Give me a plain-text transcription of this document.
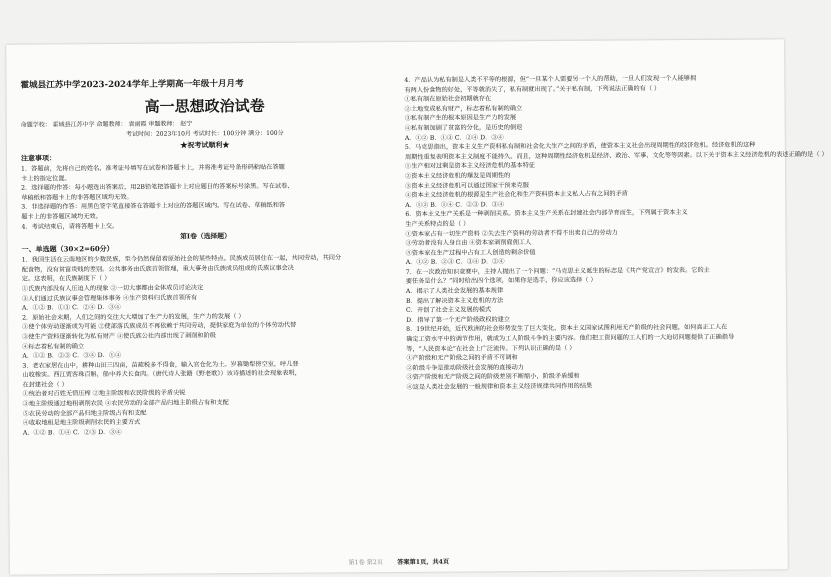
霍城县江苏中学2023-2024学年上学期高一年级十月月考
高一思想政治试卷
命题学校： 霍城县江苏中学 命题教师： 袁丽霞 审题教师： 赵宁
考试时间：2023年10月 考试时长：100分钟 满分：100分
★祝考试顺利★
注意事项：
1．答题前，先将自己的姓名、准考证号填写在试卷和答题卡上，并将准考证号条形码粘贴在答题
卡上的指定位置。
2．选择题的作答：每小题选出答案后，用2B铅笔把答题卡上对应题目的答案标号涂黑。写在试卷、
草稿纸和答题卡上的非答题区域均无效。
3．非选择题的作答：用黑色签字笔直接答在答题卡上对应的答题区域内。写在试卷、草稿纸和答
题卡上的非答题区域均无效。
4．考试结束后，请将答题卡上交。
第Ⅰ卷（选择题）
一、单选题（30×2=60分）
1．我国生活在云南地区的少数民族，至今仍然保留着原始社会的某些特点。民族成员居住在一起，共同劳动，共同分
配食物，没有贫富贵贱的差别。公共事务由氏族首领管理，重大事务由氏族成员组成的氏族议事会决
定。这表明，在氏族制度下（ ）
①氏族内部没有人压迫人的现象 ②一切大事都由全体成员讨论决定
③人们通过氏族议事会管理集体事务 ④生产资料归氏族首领所有
A．①② B．①③ C．②④ D．③④
2．原始社会末期，人们之间的交往大大增加了生产力的发展，生产力的发展（ ）
①使个体劳动逐渐成为可能 ②使部落氏族成员不再依赖于共同劳动，提供家庭为单位的个体劳动代替
③使生产资料逐渐转化为私有财产 ④使氏族公社内部出现了剥削和阶级
④标志着私有制的确立
A．①② B．②③ C．③④ D．①④
3．老农家居在山中，耕种山田三四亩，苗疏税多不得食，输入官仓化为土。岁暮锄犁傍空室，呼儿登
山收橡实。西江贾客珠百斛，船中养犬长食肉。（唐代诗人张籍《野老歌》）该诗描述的社会现象表明，
在封建社会（ ）
①统治者对百姓无情压榨 ②地主阶级和农民阶级的矛盾尖锐
③地主阶级通过地租剥削农民 ④农民劳动的全部产品归地主阶级占有和支配
⑤农民劳动的全部产品归地主阶级占有和支配
④收取地租是地主阶级剥削农民的主要方式
A．①② B．①④ C．②③ D．③④
4．产品认为私有制是人类不平等的根源，但“一旦某个人需要另一个人的帮助，一旦人们发现一个人能够拥
有两人份食物的好处，平等就消失了，私有制就出现了。”关于私有制，下列说法正确的有（ ）
①私有制在原始社会初期就存在
②土地变成私有财产，标志着私有制的确立
③私有制产生的根本原因是生产力的发展
④私有制加剧了贫富的分化，是历史的倒退
A．①② B．①③ C．②④ D．③④
5．马克思指出，资本主义生产资料私有制和社会化大生产之间的矛盾，使资本主义社会出现周期性的经济危机。经济危机的这种
周期性重复表明资本主义制度不能持久。而且，这种周期性经济危机是经济、政治、军事、文化等等因素。以下关于资本主义经济危机的表述正确的是（ ）
①生产相对过剩是资本主义经济危机的基本特征
②资本主义经济危机的爆发是周期性的
③资本主义经济危机可以通过国家干预来克服
④资本主义经济危机的根源是生产社会化和生产资料资本主义私人占有之间的矛盾
A．①② B．①④ C．②③ D．③④
6．资本主义生产关系是一种剥削关系。资本主义生产关系在封建社会内部孕育而生，下列属于资本主义
生产关系特点的是（ ）
①资本家占有一切生产资料 ②失去生产资料的劳动者不得不出卖自己的劳动力
③劳动者没有人身自由 ④资本家剥削雇佣工人
⑤资本家在生产过程中占有工人创造的剩余价值
A．①② B．②③ C．③④ D．②④
7．在一次政治知识竞赛中，主持人抛出了一个问题：“马克思主义诞生的标志是《共产党宣言》的发表。它的主
要任务是什么？”同时给出四个选项，如果你是选手，你应该选择（ ）
A．揭示了人类社会发展的基本规律
B．提出了解决资本主义危机的方法
C．开创了社会主义发展的模式
D．指导了第一个无产阶级政权的建立
8．19世纪开始，近代欧洲的社会形势发生了巨大变化，资本主义国家试图利用无产阶级的社会问题，如何真正工人在
确定工资水平中的调节作用，就成为工人阶级斗争的主要内容。他们把工资问题的工人们的一大迫切问题提供了正确指导
等，“人民资本论”在社会上广泛流传。下列认识正确的是（ ）
①产阶级和无产阶级之间的矛盾不可调和
②阶级斗争是推动阶级社会发展的直接动力
③资产阶级和无产阶级之间的阶级差别不断缩小，阶级矛盾缓和
④这是人类社会发展的一般规律和资本主义经济规律共同作用的结果
第1卷 第2页 答案第1页，共4页
